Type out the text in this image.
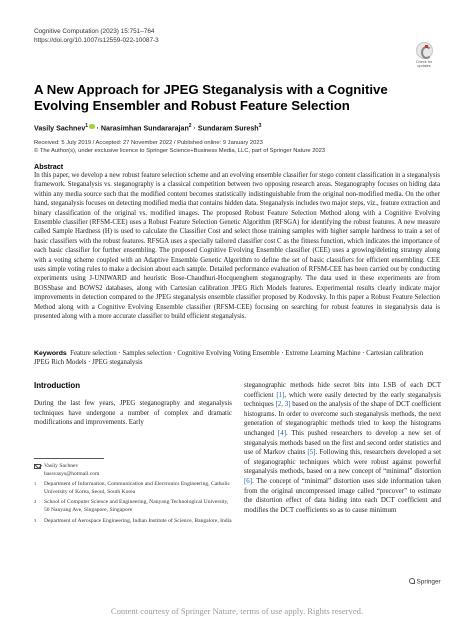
Cognitive Computation (2023) 15:751–764
https://doi.org/10.1007/s12559-022-10087-3
Check for
updates
A New Approach for JPEG Steganalysis with a Cognitive Evolving Ensembler and Robust Feature Selection
Vasily Sachnev$^1$ · Narasimhan Sundararajan$^2$ · Sundaram Suresh$^3$
Received: 5 July 2019 / Accepted: 27 November 2022 / Published online: 9 January 2023
© The Author(s), under exclusive licence to Springer Science+Business Media, LLC, part of Springer Nature 2023
Abstract

In this paper, we develop a new robust feature selection scheme and an evolving ensemble classifier for stego content classification in a steganalysis framework. Steganalysis vs. steganography is a classical competition between two opposing research areas. Steganography focuses on hiding data within any media source such that the modified content becomes statistically indistinguishable from the original non-modified media. On the other hand, steganalysis focuses on detecting modified media that contains hidden data. Steganalysis includes two major steps, viz., feature extraction and binary classification of the original vs. modified images. The proposed Robust Feature Selection Method along with a Cognitive Evolving Ensemble classifier (RFSM-CEE) uses a Robust Feature Selection Genetic Algorithm (RFSGA) for identifying the robust features. A new measure called Sample Hardness (H) is used to calculate the Classifier Cost and select those training samples with higher sample hardness to train a set of basic classifiers with the robust features. RFSGA uses a specially tailored classifier cost C as the fitness function, which indicates the importance of each basic classifier for further ensembling. The proposed Cognitive Evolving Ensemble classifier (CEE) uses a growing/deleting strategy along with a voting scheme coupled with an Adaptive Ensemble Genetic Algorithm to define the set of basic classifiers for efficient ensembling. CEE uses simple voting rules to make a decision about each sample. Detailed performance evaluation of RFSM-CEE has been carried out by conducting experiments using J-UNIWARD and heuristic Bose-Chaudhuri-Hocquenghem steganography. The data used in these experiments are from BOSSbase and BOWS2 databases, along with Cartesian calibration JPEG Rich Models features. Experimental results clearly indicate major improvements in detection compared to the JPEG steganalysis ensemble classifier proposed by Kodovsky. In this paper a Robust Feature Selection Method along with a Cognitive Evolving Ensemble classifier (RFSM-CEE) focusing on searching for robust features in steganalysis data is presented along with a more accurate classifier to build efficient steganalysis.

Keywords Feature selection · Samples selection · Cognitive Evolving Voting Ensemble · Extreme Learning Machine · Cartesian calibration JPEG Rich Models · JPEG steganalysis

Introduction

During the last few years, JPEG steganography and steganalysis techniques have undergone a number of complex and dramatic modifications and improvements. Early

Vasily Sachnev
bassvasys@hotmail.com
1	Department of Information, Communication and Electronics Engineering, Catholic University of Korea, Seoul, South Korea
2	School of Computer Science and Engineering, Nanyang Technological University, 50 Nanyang Ave, Singapore, Singapore
3	Department of Aerospace Engineering, Indian Institute of Science, Bangalore, India

steganographic methods hide secret bits into LSB of each DCT coefficient [1], which were easily detected by the early steganalysis techniques [2, 3] based on the analysis of the shape of DCT coefficient histograms. In order to overcome such steganalysis methods, the next generation of steganographic methods tried to keep the histograms unchanged [4]. This pushed researchers to develop a new set of steganalysis methods based on the first and second order statistics and use of Markov chains [5]. Following this, researchers developed a set of steganographic techniques which were robust against powerful steganalysis methods, based on a new concept of “minimal” distortion [6]. The concept of “minimal” distortion uses side information taken from the original uncompressed image called “precover” to estimate the distortion effect of data hiding into each DCT coefficient and modifies the DCT coefficients so as to cause minimum

Springer
Content courtesy of Springer Nature, terms of use apply. Rights reserved.
